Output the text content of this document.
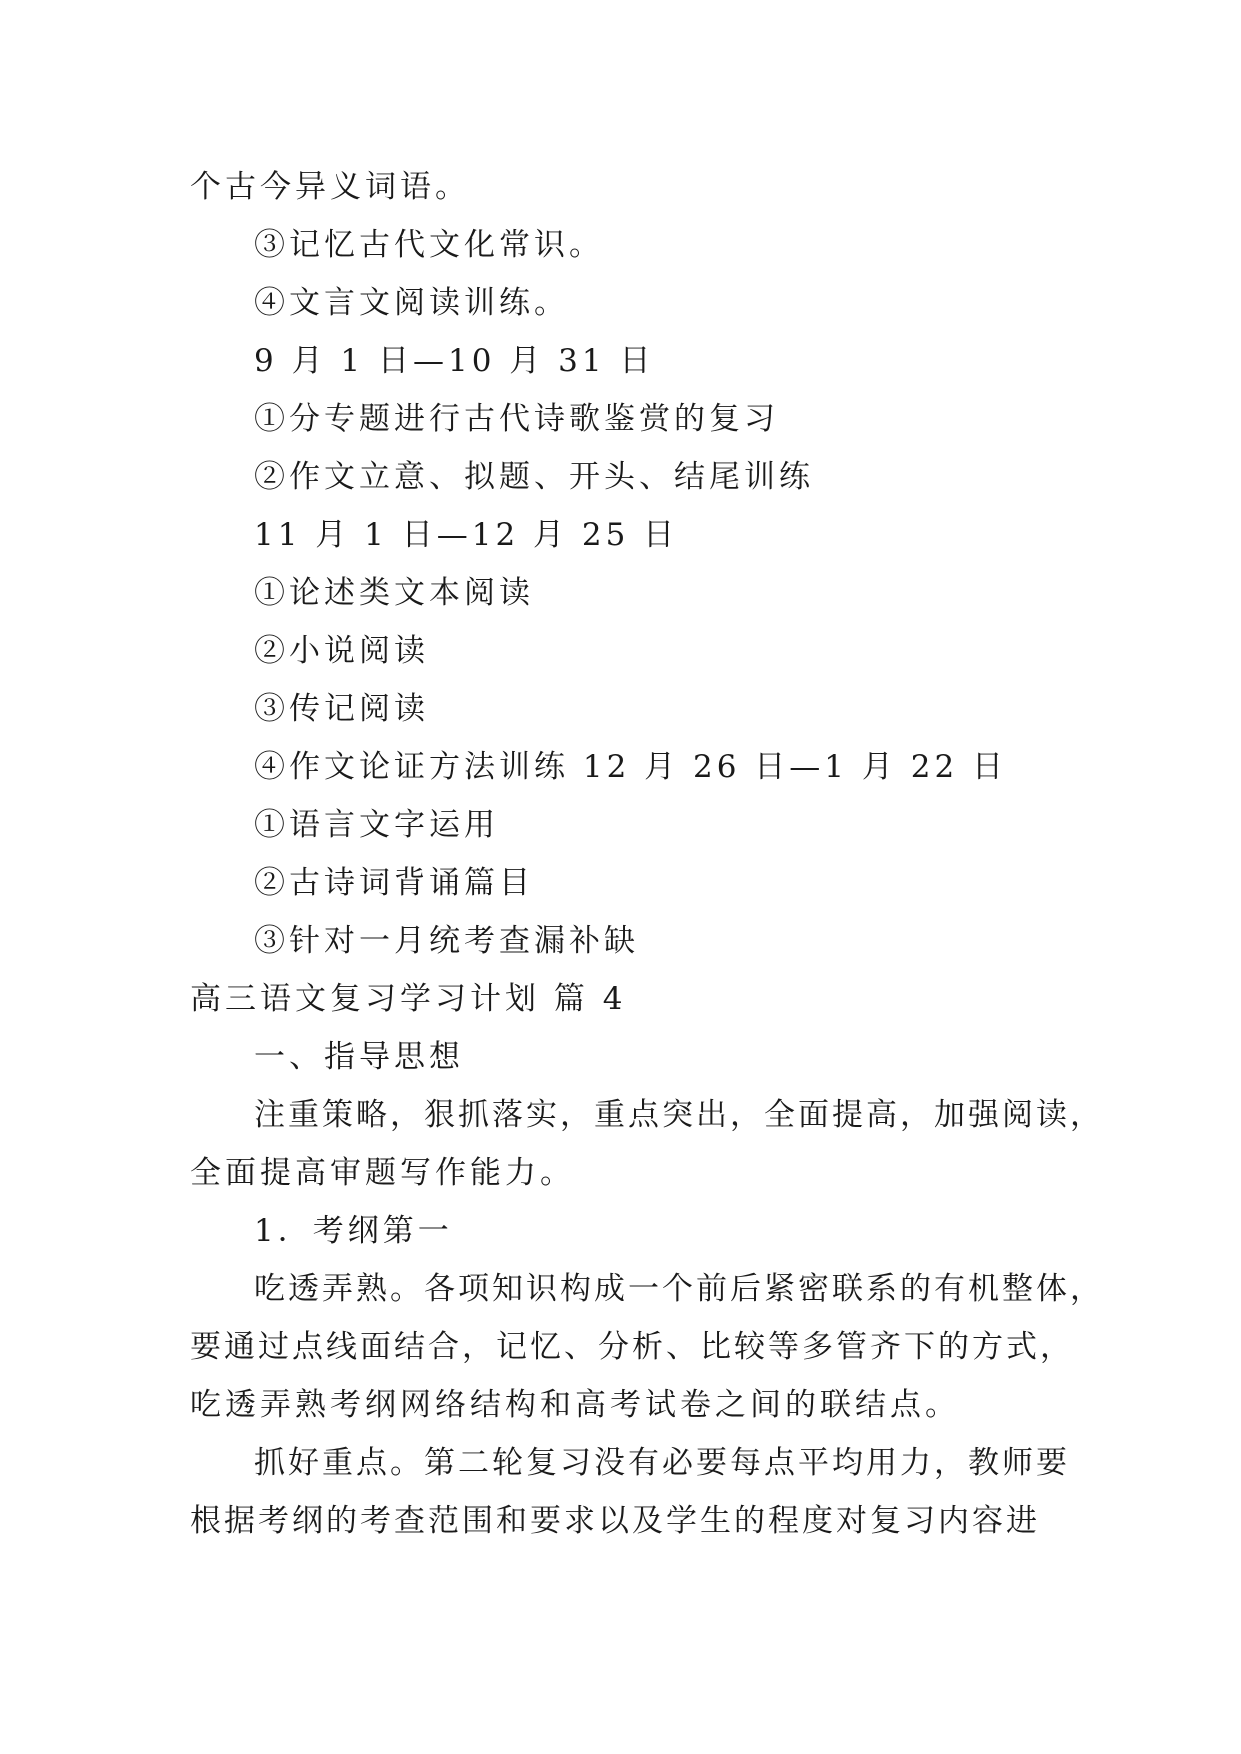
个古今异义词语。
③记忆古代文化常识。
④文言文阅读训练。
9 月 1 日—10 月 31 日
①分专题进行古代诗歌鉴赏的复习
②作文立意、拟题、开头、结尾训练
11 月 1 日—12 月 25 日
①论述类文本阅读
②小说阅读
③传记阅读
④作文论证方法训练 12 月 26 日—1 月 22 日
①语言文字运用
②古诗词背诵篇目
③针对一月统考查漏补缺
高三语文复习学习计划 篇 4
一、指导思想
注重策略，狠抓落实，重点突出，全面提高，加强阅读，
全面提高审题写作能力。
1．考纲第一
吃透弄熟。各项知识构成一个前后紧密联系的有机整体，
要通过点线面结合，记忆、分析、比较等多管齐下的方式，
吃透弄熟考纲网络结构和高考试卷之间的联结点。
抓好重点。第二轮复习没有必要每点平均用力，教师要
根据考纲的考查范围和要求以及学生的程度对复习内容进
